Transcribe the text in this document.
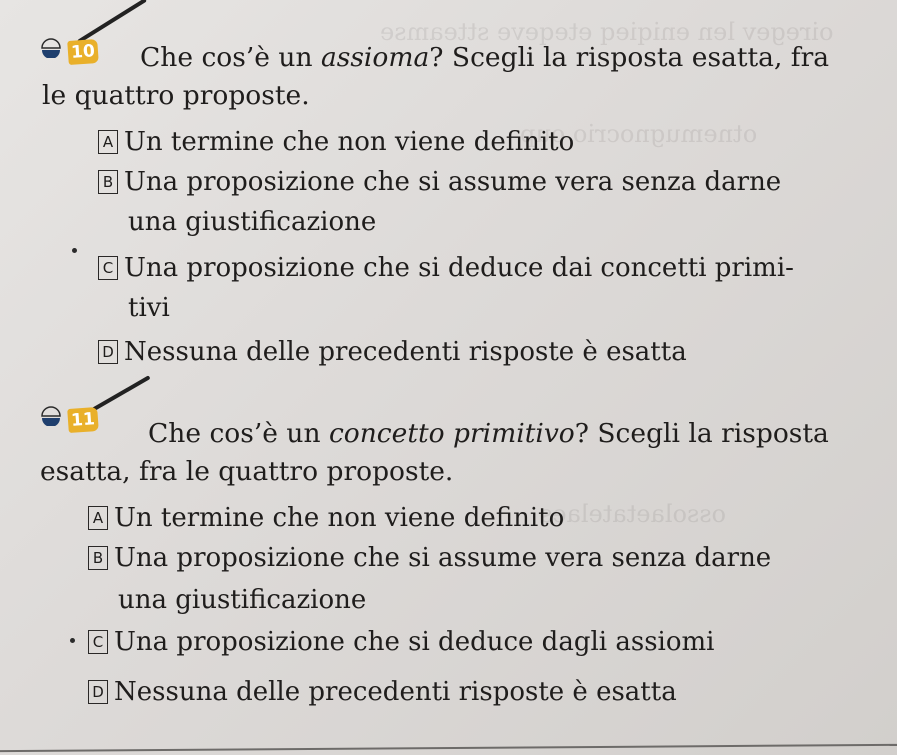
oiregev len eniqieq eteqeve stteamse
otnemugnocrio oup
ossolaetatelaes
10 Che cos’è un assioma? Scegli la risposta esatta, fra
le quattro proposte.
A Un termine che non viene definito
B Una proposizione che si assume vera senza darne
una giustificazione
C Una proposizione che si deduce dai concetti primi-
tivi
D Nessuna delle precedenti risposte è esatta
11 Che cos’è un concetto primitivo? Scegli la risposta
esatta, fra le quattro proposte.
A Un termine che non viene definito
B Una proposizione che si assume vera senza darne
una giustificazione
C Una proposizione che si deduce dagli assiomi
D Nessuna delle precedenti risposte è esatta
